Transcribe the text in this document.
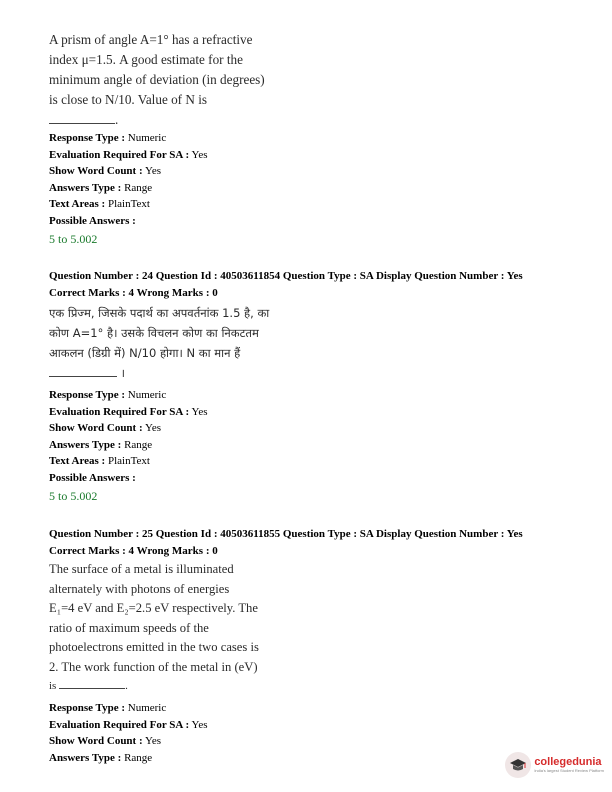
A prism of angle A=1° has a refractive
index μ=1.5. A good estimate for the
minimum angle of deviation (in degrees)
is close to N/10. Value of N is
.
Response Type : Numeric
Evaluation Required For SA : Yes
Show Word Count : Yes
Answers Type : Range
Text Areas : PlainText
Possible Answers :
5 to 5.002
Question Number : 24 Question Id : 40503611854 Question Type : SA Display Question Number : Yes
Correct Marks : 4 Wrong Marks : 0
एक प्रिज्म, जिसके पदार्थ का अपवर्तनांक 1.5 है, का
कोण A=1° है। उसके विचलन कोण का निकटतम
आकलन (डिग्री में) N/10 होगा। N का मान हैं
।
Response Type : Numeric
Evaluation Required For SA : Yes
Show Word Count : Yes
Answers Type : Range
Text Areas : PlainText
Possible Answers :
5 to 5.002
Question Number : 25 Question Id : 40503611855 Question Type : SA Display Question Number : Yes
Correct Marks : 4 Wrong Marks : 0
The surface of a metal is illuminated
alternately with photons of energies
E₁=4 eV and E₂=2.5 eV respectively. The
ratio of maximum speeds of the
photoelectrons emitted in the two cases is
2. The work function of the metal in (eV)
is	.
Response Type : Numeric
Evaluation Required For SA : Yes
Show Word Count : Yes
Answers Type : Range	collegedunia
India's largest Student Review Platform
